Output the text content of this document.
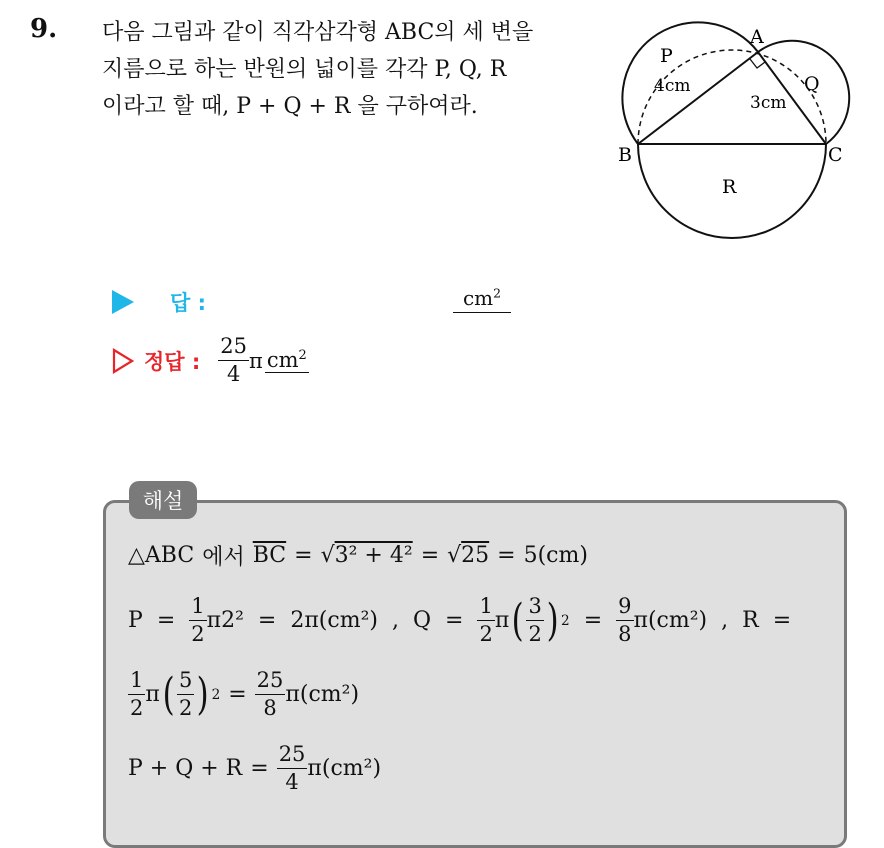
9. 다음 그림과 같이 직각삼각형 ABC의 세 변을
지름으로 하는 반원의 넓이를 각각 P, Q, R
이라고 할 때, P + Q + R 을 구하여라.
A
B	C
P
Q
R
4cm
3cm
답 :	$cm^2$
정답 : $\frac{25}{4}$ π $cm^2$
해설
△ABC 에서 $\overline{BC} = √3^2 + 4^2 = √25 = 5(cm)$
$P = \frac{1}{2} \pi 2^2 = 2\pi(cm^2)$ , $Q = \frac{1}{2}$ π ( $\frac{3}{2}$ ) $2 = \frac{9}{8} \pi(cm^2)$ , R =
$\frac{1}{2}$ π ( $\frac{5}{2}$ ) $2 = \frac{25}{8} \pi(cm^2)$
$P + Q + R = \frac{25}{4} \pi(cm^2)$
